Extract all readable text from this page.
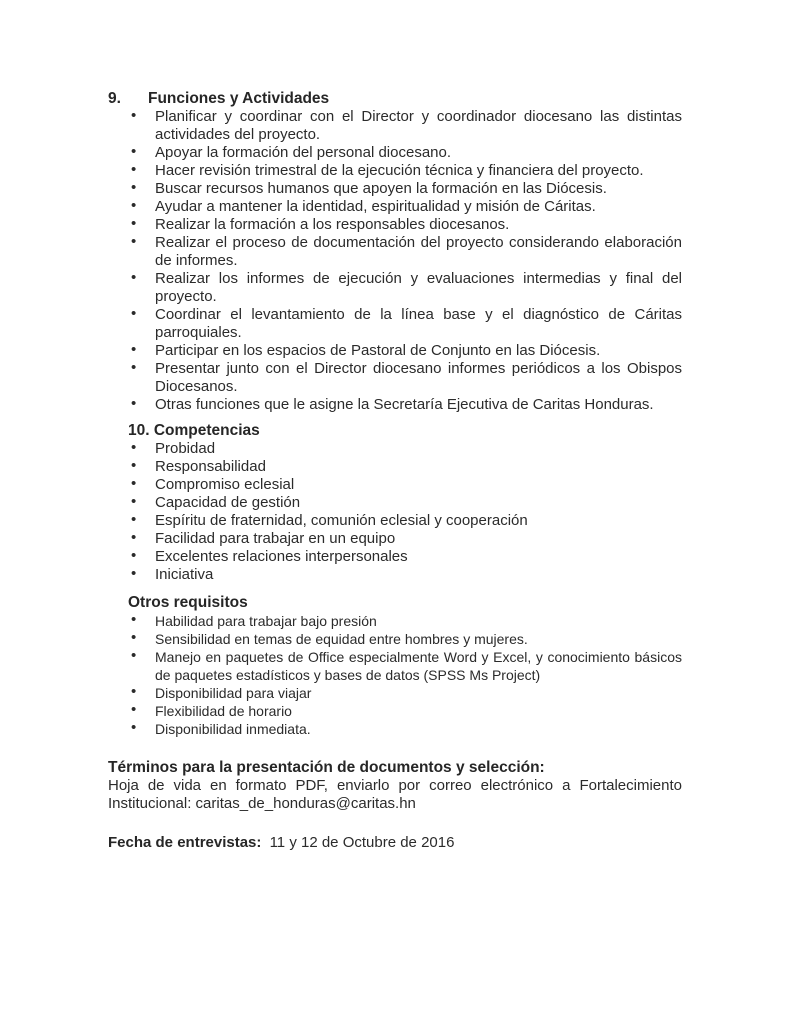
9.	Funciones y Actividades
• Planificar y coordinar con el Director y coordinador diocesano las distintas actividades del proyecto.
• Apoyar la formación del personal diocesano.
• Hacer revisión trimestral de la ejecución técnica y financiera del proyecto.
• Buscar recursos humanos que apoyen la formación en las Diócesis.
• Ayudar a mantener la identidad, espiritualidad y misión de Cáritas.
• Realizar la formación a los responsables diocesanos.
• Realizar el proceso de documentación del proyecto considerando elaboración de informes.
• Realizar los informes de ejecución y evaluaciones intermedias y final del proyecto.
• Coordinar el levantamiento de la línea base y el diagnóstico de Cáritas parroquiales.
• Participar en los espacios de Pastoral de Conjunto en las Diócesis.
• Presentar junto con el Director diocesano informes periódicos a los Obispos Diocesanos.
• Otras funciones que le asigne la Secretaría Ejecutiva de Caritas Honduras.
10. Competencias
• Probidad
• Responsabilidad
• Compromiso eclesial
• Capacidad de gestión
• Espíritu de fraternidad, comunión eclesial y cooperación
• Facilidad para trabajar en un equipo
• Excelentes relaciones interpersonales
• Iniciativa
Otros requisitos
• Habilidad para trabajar bajo presión
• Sensibilidad en temas de equidad entre hombres y mujeres.
• Manejo en paquetes de Office especialmente Word y Excel, y conocimiento básicos de paquetes estadísticos y bases de datos (SPSS Ms Project)
• Disponibilidad para viajar
• Flexibilidad de horario
• Disponibilidad inmediata.
Términos para la presentación de documentos y selección:
Hoja de vida en formato PDF, enviarlo por correo electrónico a Fortalecimiento Institucional: caritas_de_honduras@caritas.hn
Fecha de entrevistas: 11 y 12 de Octubre de 2016
